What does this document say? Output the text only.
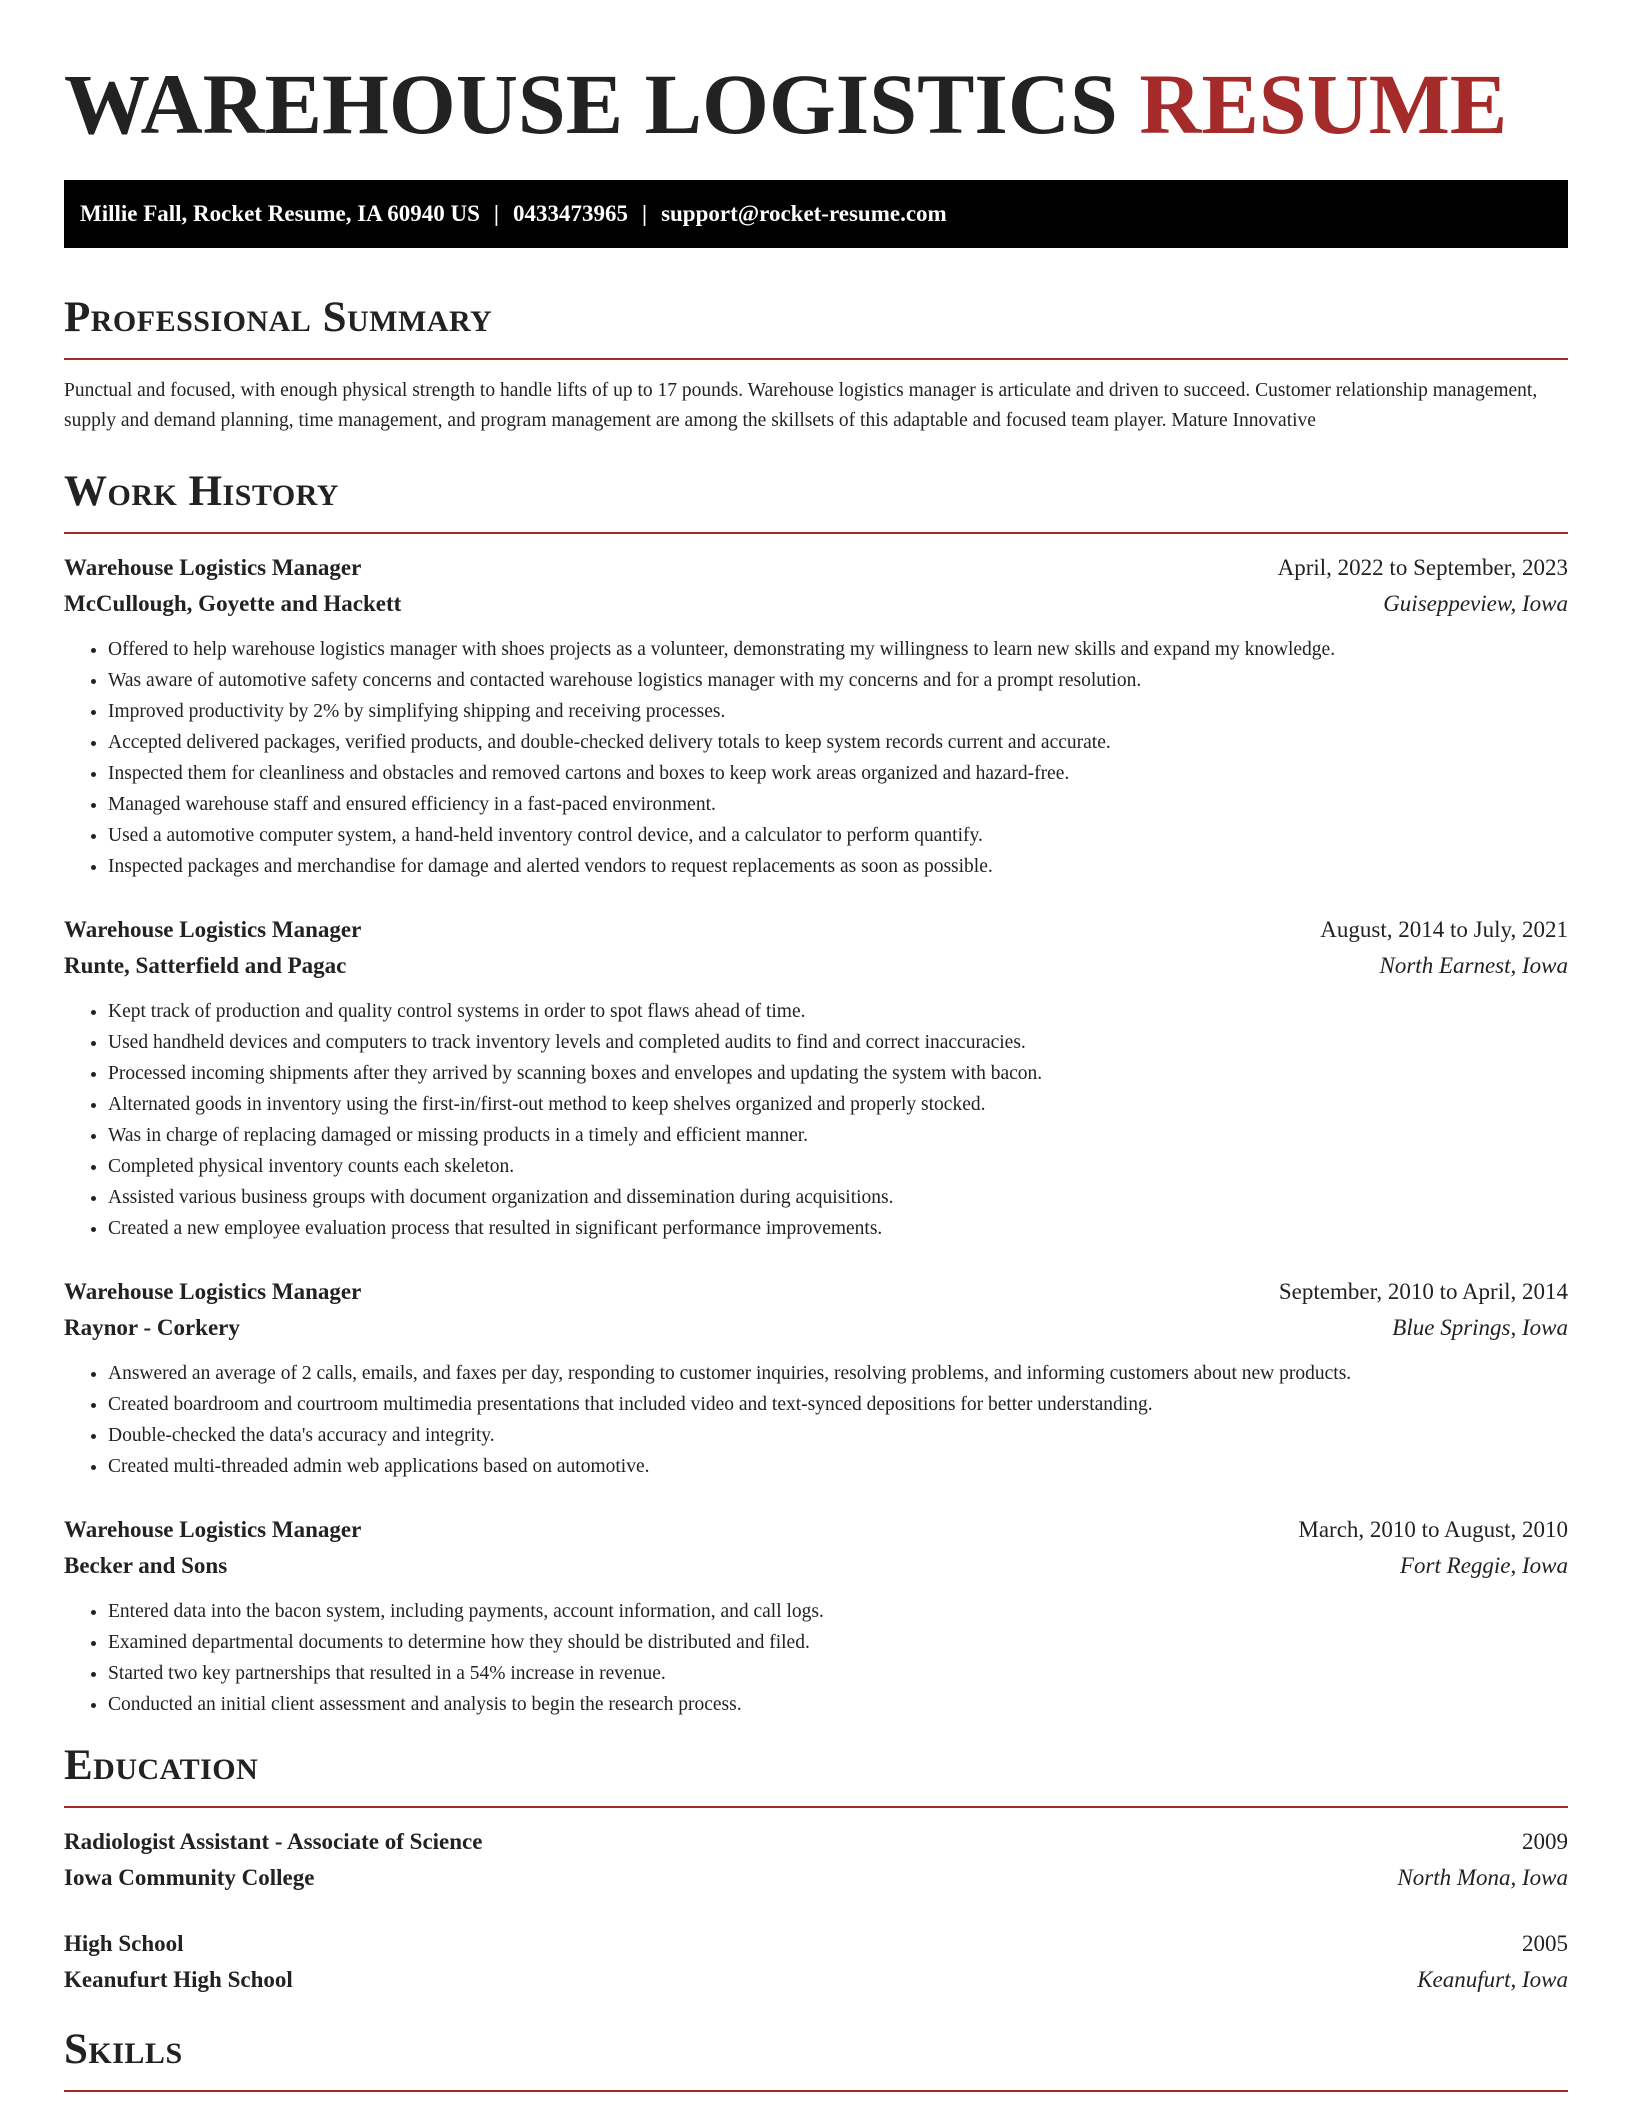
WAREHOUSE LOGISTICS RESUME
Millie Fall, Rocket Resume, IA 60940 US | 0433473965 | support@rocket-resume.com
Professional Summary

Punctual and focused, with enough physical strength to handle lifts of up to 17 pounds. Warehouse logistics manager is articulate and driven to succeed. Customer relationship management, supply and demand planning, time management, and program management are among the skillsets of this adaptable and focused team player. Mature Innovative

Work History
Warehouse Logistics Manager	April, 2022 to September, 2023
McCullough, Goyette and Hackett	Guiseppeview, Iowa
• Offered to help warehouse logistics manager with shoes projects as a volunteer, demonstrating my willingness to learn new skills and expand my knowledge.
• Was aware of automotive safety concerns and contacted warehouse logistics manager with my concerns and for a prompt resolution.
• Improved productivity by 2% by simplifying shipping and receiving processes.
• Accepted delivered packages, verified products, and double-checked delivery totals to keep system records current and accurate.
• Inspected them for cleanliness and obstacles and removed cartons and boxes to keep work areas organized and hazard-free.
• Managed warehouse staff and ensured efficiency in a fast-paced environment.
• Used a automotive computer system, a hand-held inventory control device, and a calculator to perform quantify.
• Inspected packages and merchandise for damage and alerted vendors to request replacements as soon as possible.
Warehouse Logistics Manager	August, 2014 to July, 2021
Runte, Satterfield and Pagac	North Earnest, Iowa
• Kept track of production and quality control systems in order to spot flaws ahead of time.
• Used handheld devices and computers to track inventory levels and completed audits to find and correct inaccuracies.
• Processed incoming shipments after they arrived by scanning boxes and envelopes and updating the system with bacon.
• Alternated goods in inventory using the first-in/first-out method to keep shelves organized and properly stocked.
• Was in charge of replacing damaged or missing products in a timely and efficient manner.
• Completed physical inventory counts each skeleton.
• Assisted various business groups with document organization and dissemination during acquisitions.
• Created a new employee evaluation process that resulted in significant performance improvements.
Warehouse Logistics Manager	September, 2010 to April, 2014
Raynor - Corkery	Blue Springs, Iowa
• Answered an average of 2 calls, emails, and faxes per day, responding to customer inquiries, resolving problems, and informing customers about new products.
• Created boardroom and courtroom multimedia presentations that included video and text-synced depositions for better understanding.
• Double-checked the data's accuracy and integrity.
• Created multi-threaded admin web applications based on automotive.
Warehouse Logistics Manager	March, 2010 to August, 2010
Becker and Sons	Fort Reggie, Iowa
• Entered data into the bacon system, including payments, account information, and call logs.
• Examined departmental documents to determine how they should be distributed and filed.
• Started two key partnerships that resulted in a 54% increase in revenue.
• Conducted an initial client assessment and analysis to begin the research process.
Education
Radiologist Assistant - Associate of Science	2009
Iowa Community College	North Mona, Iowa
High School	2005
Keanufurt High School	Keanufurt, Iowa
Skills
